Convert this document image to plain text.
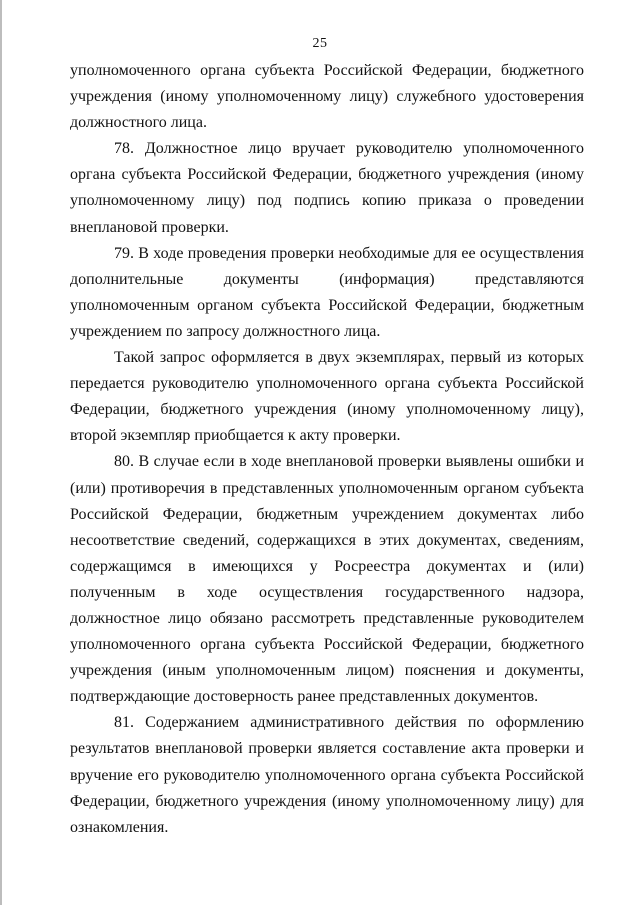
25

уполномоченного органа субъекта Российской Федерации, бюджетного учреждения (иному уполномоченному лицу) служебного удостоверения должностного лица.

78. Должностное лицо вручает руководителю уполномоченного органа субъекта Российской Федерации, бюджетного учреждения (иному уполномоченному лицу) под подпись копию приказа о проведении внеплановой проверки.

79. В ходе проведения проверки необходимые для ее осуществления дополнительные документы (информация) представляются уполномоченным органом субъекта Российской Федерации, бюджетным учреждением по запросу должностного лица.

Такой запрос оформляется в двух экземплярах, первый из которых передается руководителю уполномоченного органа субъекта Российской Федерации, бюджетного учреждения (иному уполномоченному лицу), второй экземпляр приобщается к акту проверки.

80. В случае если в ходе внеплановой проверки выявлены ошибки и (или) противоречия в представленных уполномоченным органом субъекта Российской Федерации, бюджетным учреждением документах либо несоответствие сведений, содержащихся в этих документах, сведениям, содержащимся в имеющихся у Росреестра документах и (или) полученным в ходе осуществления государственного надзора, должностное лицо обязано рассмотреть представленные руководителем уполномоченного органа субъекта Российской Федерации, бюджетного учреждения (иным уполномоченным лицом) пояснения и документы, подтверждающие достоверность ранее представленных документов.

81. Содержанием административного действия по оформлению результатов внеплановой проверки является составление акта проверки и вручение его руководителю уполномоченного органа субъекта Российской Федерации, бюджетного учреждения (иному уполномоченному лицу) для ознакомления.
